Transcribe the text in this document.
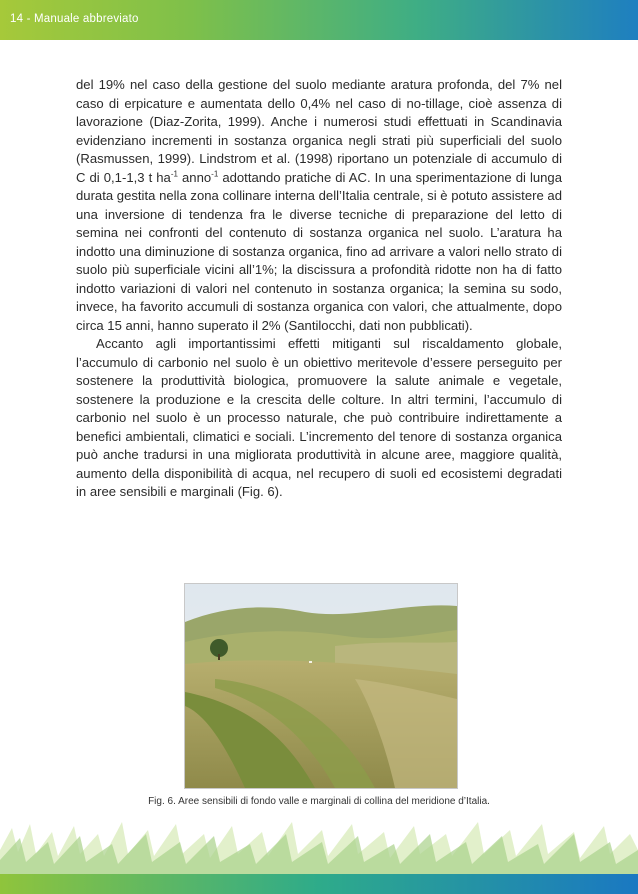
14 - Manuale abbreviato

del 19% nel caso della gestione del suolo mediante aratura profonda, del 7% nel caso di erpicature e aumentata dello 0,4% nel caso di no-tillage, cioè assenza di lavorazione (Diaz-Zorita, 1999). Anche i numerosi studi effettuati in Scandinavia evidenziano incrementi in sostanza organica negli strati più superficiali del suolo (Rasmussen, 1999). Lindstrom et al. (1998) riportano un potenziale di accumulo di C di 0,1-1,3 t $ha^{-1}$ anno$^{-1}$ adottando pratiche di AC. In una sperimentazione di lunga durata gestita nella zona collinare interna dell’Italia centrale, si è potuto assistere ad una inversione di tendenza fra le diverse tecniche di preparazione del letto di semina nei confronti del contenuto di sostanza organica nel suolo. L’aratura ha indotto una diminuzione di sostanza organica, fino ad arrivare a valori nello strato di suolo più superficiale vicini all’1%; la discissura a profondità ridotte non ha di fatto indotto variazioni di valori nel contenuto in sostanza organica; la semina su sodo, invece, ha favorito accumuli di sostanza organica con valori, che attualmente, dopo circa 15 anni, hanno superato il 2% (Santilocchi, dati non pubblicati).

Accanto agli importantissimi effetti mitiganti sul riscaldamento globale, l’accumulo di carbonio nel suolo è un obiettivo meritevole d’essere perseguito per sostenere la produttività biologica, promuovere la salute animale e vegetale, sostenere la produzione e la crescita delle colture. In altri termini, l’accumulo di carbonio nel suolo è un processo naturale, che può contribuire indirettamente a benefici ambientali, climatici e sociali. L’incremento del tenore di sostanza organica può anche tradursi in una migliorata produttività in alcune aree, maggiore qualità, aumento della disponibilità di acqua, nel recupero di suoli ed ecosistemi degradati in aree sensibili e marginali (Fig. 6).

Fig. 6. Aree sensibili di fondo valle e marginali di collina del meridione d’Italia.
